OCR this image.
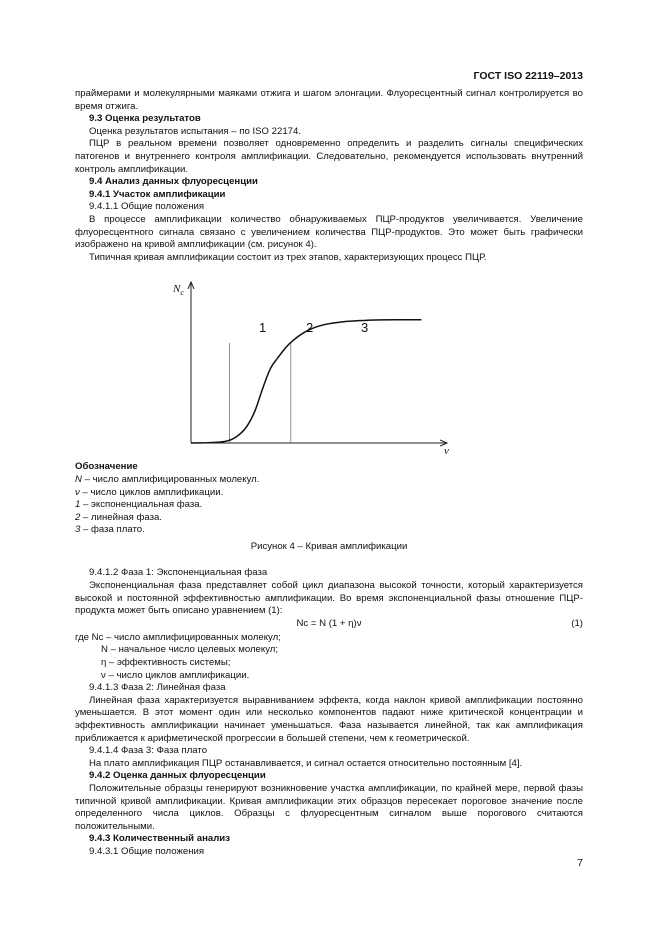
ГОСТ ISO 22119–2013

праймерами и молекулярными маяками отжига и шагом элонгации. Флуоресцентный сигнал контролируется во время отжига.

9.3 Оценка результатов

Оценка результатов испытания – по ISO 22174.

ПЦР в реальном времени позволяет одновременно определить и разделить сигналы специфических патогенов и внутреннего контроля амплификации. Следовательно, рекомендуется использовать внутренний контроль амплификации.

9.4 Анализ данных флуоресценции

9.4.1 Участок амплификации

9.4.1.1 Общие положения

В процессе амплификации количество обнаруживаемых ПЦР-продуктов увеличивается. Увеличение флуоресцентного сигнала связано с увеличением количества ПЦР-продуктов. Это может быть графически изображено на кривой амплификации (см. рисунок 4).

Типичная кривая амплификации состоит из трех этапов, характеризующих процесс ПЦР.

$N_c$
ν
1	2	3

Обозначение

N – число амплифицированных молекул.

ν – число циклов амплификации.

1 – экспоненциальная фаза.

2 – линейная фаза.

3 – фаза плато.

Рисунок 4 – Кривая амплификации

9.4.1.2 Фаза 1: Экспоненциальная фаза

Экспоненциальная фаза представляет собой цикл диапазона высокой точности, который характеризуется высокой и постоянной эффективностью амплификации. Во время экспоненциальной фазы отношение ПЦР-продукта может быть описано уравнением (1):

Nc = N (1 + η)ν	(1)

где Nc – число амплифицированных молекул;

N – начальное число целевых молекул;

η – эффективность системы;

ν – число циклов амплификации.

9.4.1.3 Фаза 2: Линейная фаза

Линейная фаза характеризуется выравниванием эффекта, когда наклон кривой амплификации постоянно уменьшается. В этот момент один или несколько компонентов падают ниже критической концентрации и эффективность амплификации начинает уменьшаться. Фаза называется линейной, так как амплификация приближается к арифметической прогрессии в большей степени, чем к геометрической.

9.4.1.4 Фаза 3: Фаза плато

На плато амплификация ПЦР останавливается, и сигнал остается относительно постоянным [4].

9.4.2 Оценка данных флуоресценции

Положительные образцы генерируют возникновение участка амплификации, по крайней мере, первой фазы типичной кривой амплификации. Кривая амплификации этих образцов пересекает пороговое значение после определенного числа циклов. Образцы с флуоресцентным сигналом выше порогового считаются положительными.

9.4.3 Количественный анализ

9.4.3.1 Общие положения

7
